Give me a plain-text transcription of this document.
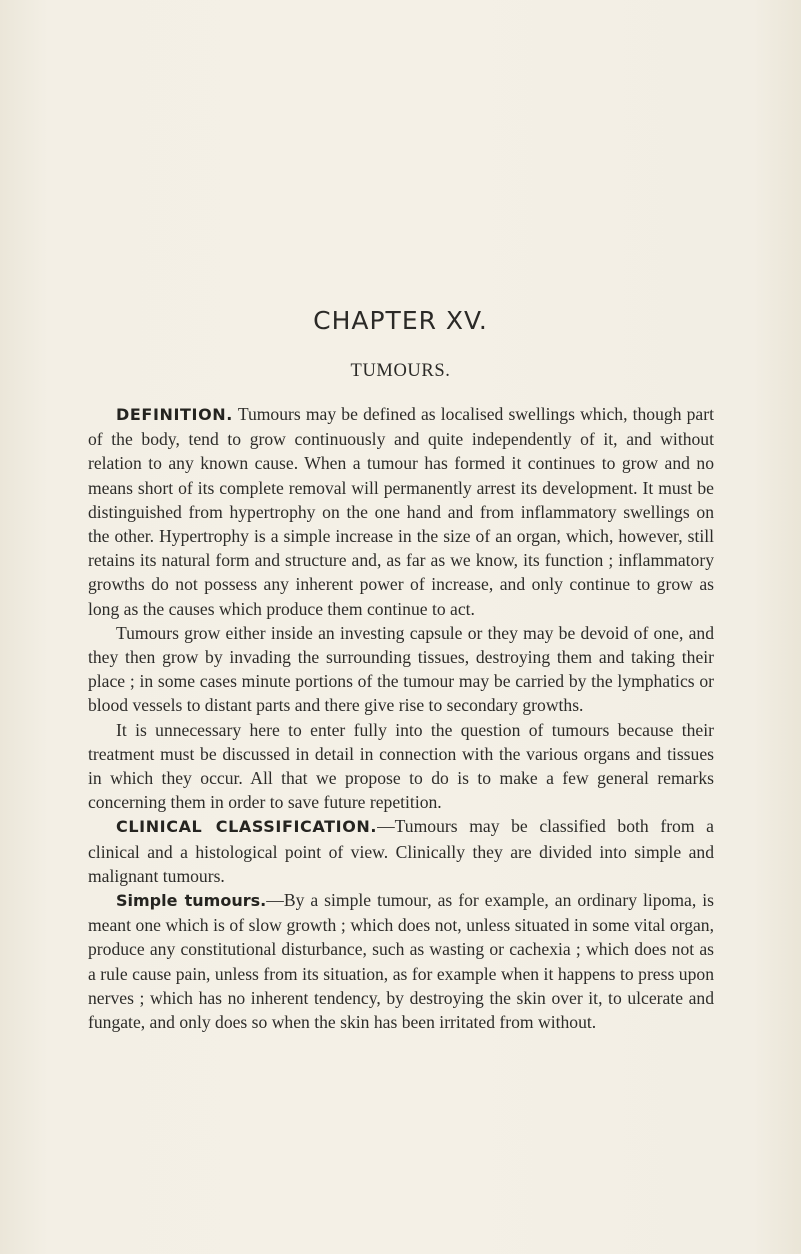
CHAPTER XV.
TUMOURS.

DEFINITION. Tumours may be defined as localised swellings which, though part of the body, tend to grow continuously and quite independently of it, and without relation to any known cause. When a tumour has formed it continues to grow and no means short of its complete removal will permanently arrest its development. It must be distinguished from hypertrophy on the one hand and from inflammatory swellings on the other. Hypertrophy is a simple increase in the size of an organ, which, however, still retains its natural form and structure and, as far as we know, its function ; inflammatory growths do not possess any inherent power of increase, and only continue to grow as long as the causes which produce them continue to act.

Tumours grow either inside an investing capsule or they may be devoid of one, and they then grow by invading the surrounding tissues, destroying them and taking their place ; in some cases minute portions of the tumour may be carried by the lymphatics or blood vessels to distant parts and there give rise to secondary growths.

It is unnecessary here to enter fully into the question of tumours because their treatment must be discussed in detail in connection with the various organs and tissues in which they occur. All that we propose to do is to make a few general remarks concerning them in order to save future repetition.

CLINICAL CLASSIFICATION.—Tumours may be classified both from a clinical and a histological point of view. Clinically they are divided into simple and malignant tumours.

Simple tumours.—By a simple tumour, as for example, an ordinary lipoma, is meant one which is of slow growth ; which does not, unless situated in some vital organ, produce any constitutional disturbance, such as wasting or cachexia ; which does not as a rule cause pain, unless from its situation, as for example when it happens to press upon nerves ; which has no inherent tendency, by destroying the skin over it, to ulcerate and fungate, and only does so when the skin has been irritated from without.
